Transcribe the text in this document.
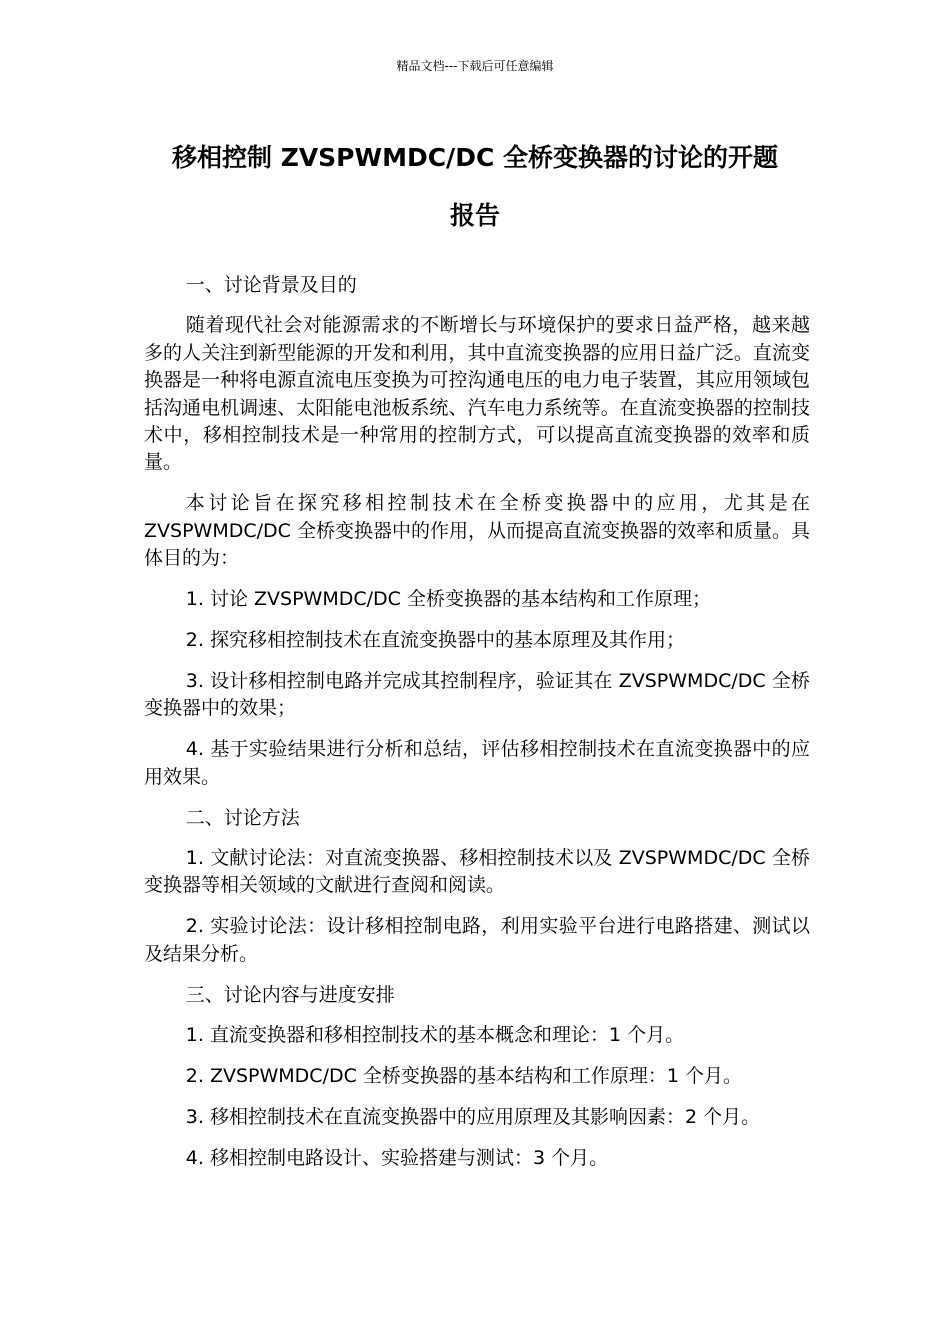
精品文档---下载后可任意编辑
移相控制 ZVSPWMDC/DC 全桥变换器的讨论的开题
报告

一、讨论背景及目的

随着现代社会对能源需求的不断增长与环境保护的要求日益严格，越来越多的人关注到新型能源的开发和利用，其中直流变换器的应用日益广泛。直流变换器是一种将电源直流电压变换为可控沟通电压的电力电子装置，其应用领域包括沟通电机调速、太阳能电池板系统、汽车电力系统等。在直流变换器的控制技术中，移相控制技术是一种常用的控制方式，可以提高直流变换器的效率和质量。

本讨论旨在探究移相控制技术在全桥变换器中的应用，尤其是在 ZVSPWMDC/DC 全桥变换器中的作用，从而提高直流变换器的效率和质量。具体目的为：

1. 讨论 ZVSPWMDC/DC 全桥变换器的基本结构和工作原理；

2. 探究移相控制技术在直流变换器中的基本原理及其作用；

3. 设计移相控制电路并完成其控制程序，验证其在 ZVSPWMDC/DC 全桥变换器中的效果；

4. 基于实验结果进行分析和总结，评估移相控制技术在直流变换器中的应用效果。

二、讨论方法

1. 文献讨论法：对直流变换器、移相控制技术以及 ZVSPWMDC/DC 全桥变换器等相关领域的文献进行查阅和阅读。

2. 实验讨论法：设计移相控制电路，利用实验平台进行电路搭建、测试以及结果分析。

三、讨论内容与进度安排

1. 直流变换器和移相控制技术的基本概念和理论：1 个月。

2. ZVSPWMDC/DC 全桥变换器的基本结构和工作原理：1 个月。

3. 移相控制技术在直流变换器中的应用原理及其影响因素：2 个月。

4. 移相控制电路设计、实验搭建与测试：3 个月。
